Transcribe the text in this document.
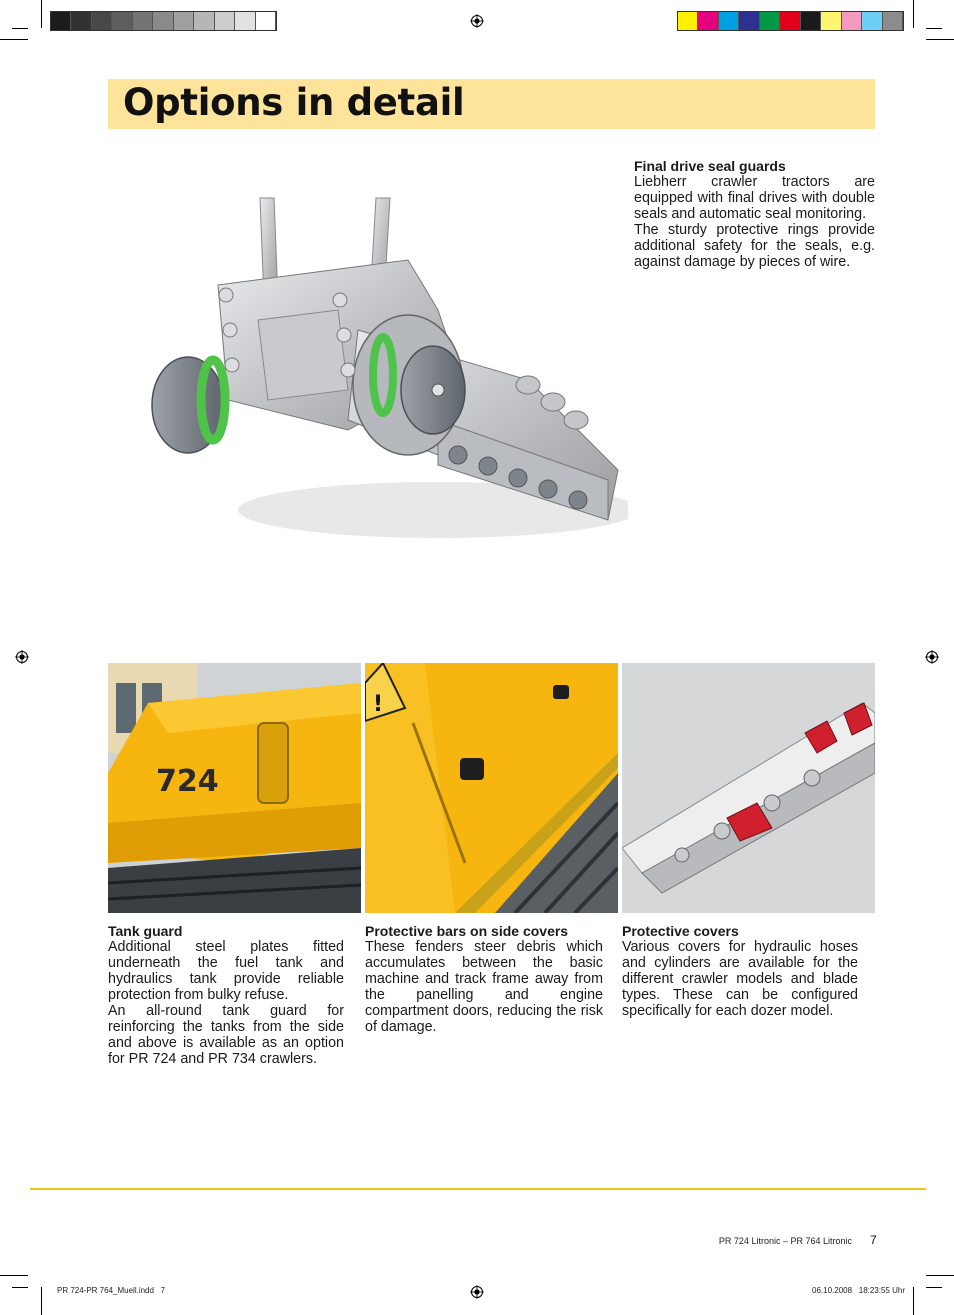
Options in detail
Final drive seal guards

Liebherr crawler tractors are equipped with final drives with double seals and automatic seal monitoring.

The sturdy protective rings provide additional safety for the seals, e.g. against damage by pieces of wire.

724
!
Tank guard

Additional steel plates fitted underneath the fuel tank and hydraulics tank provide reliable protection from bulky refuse.

An all-round tank guard for reinforcing the tanks from the side and above is available as an option for PR 724 and PR 734 crawlers.

Protective bars on side covers

These fenders steer debris which accumulates between the basic machine and track frame away from the panelling and engine compartment doors, reducing the risk of damage.

Protective covers

Various covers for hydraulic hoses and cylinders are available for the different crawler models and blade types. These can be configured specifically for each dozer model.

PR 724 Litronic – PR 764 Litronic 7
PR 724-PR 764_Muell.indd   7	06.10.2008   18:23:55 Uhr
